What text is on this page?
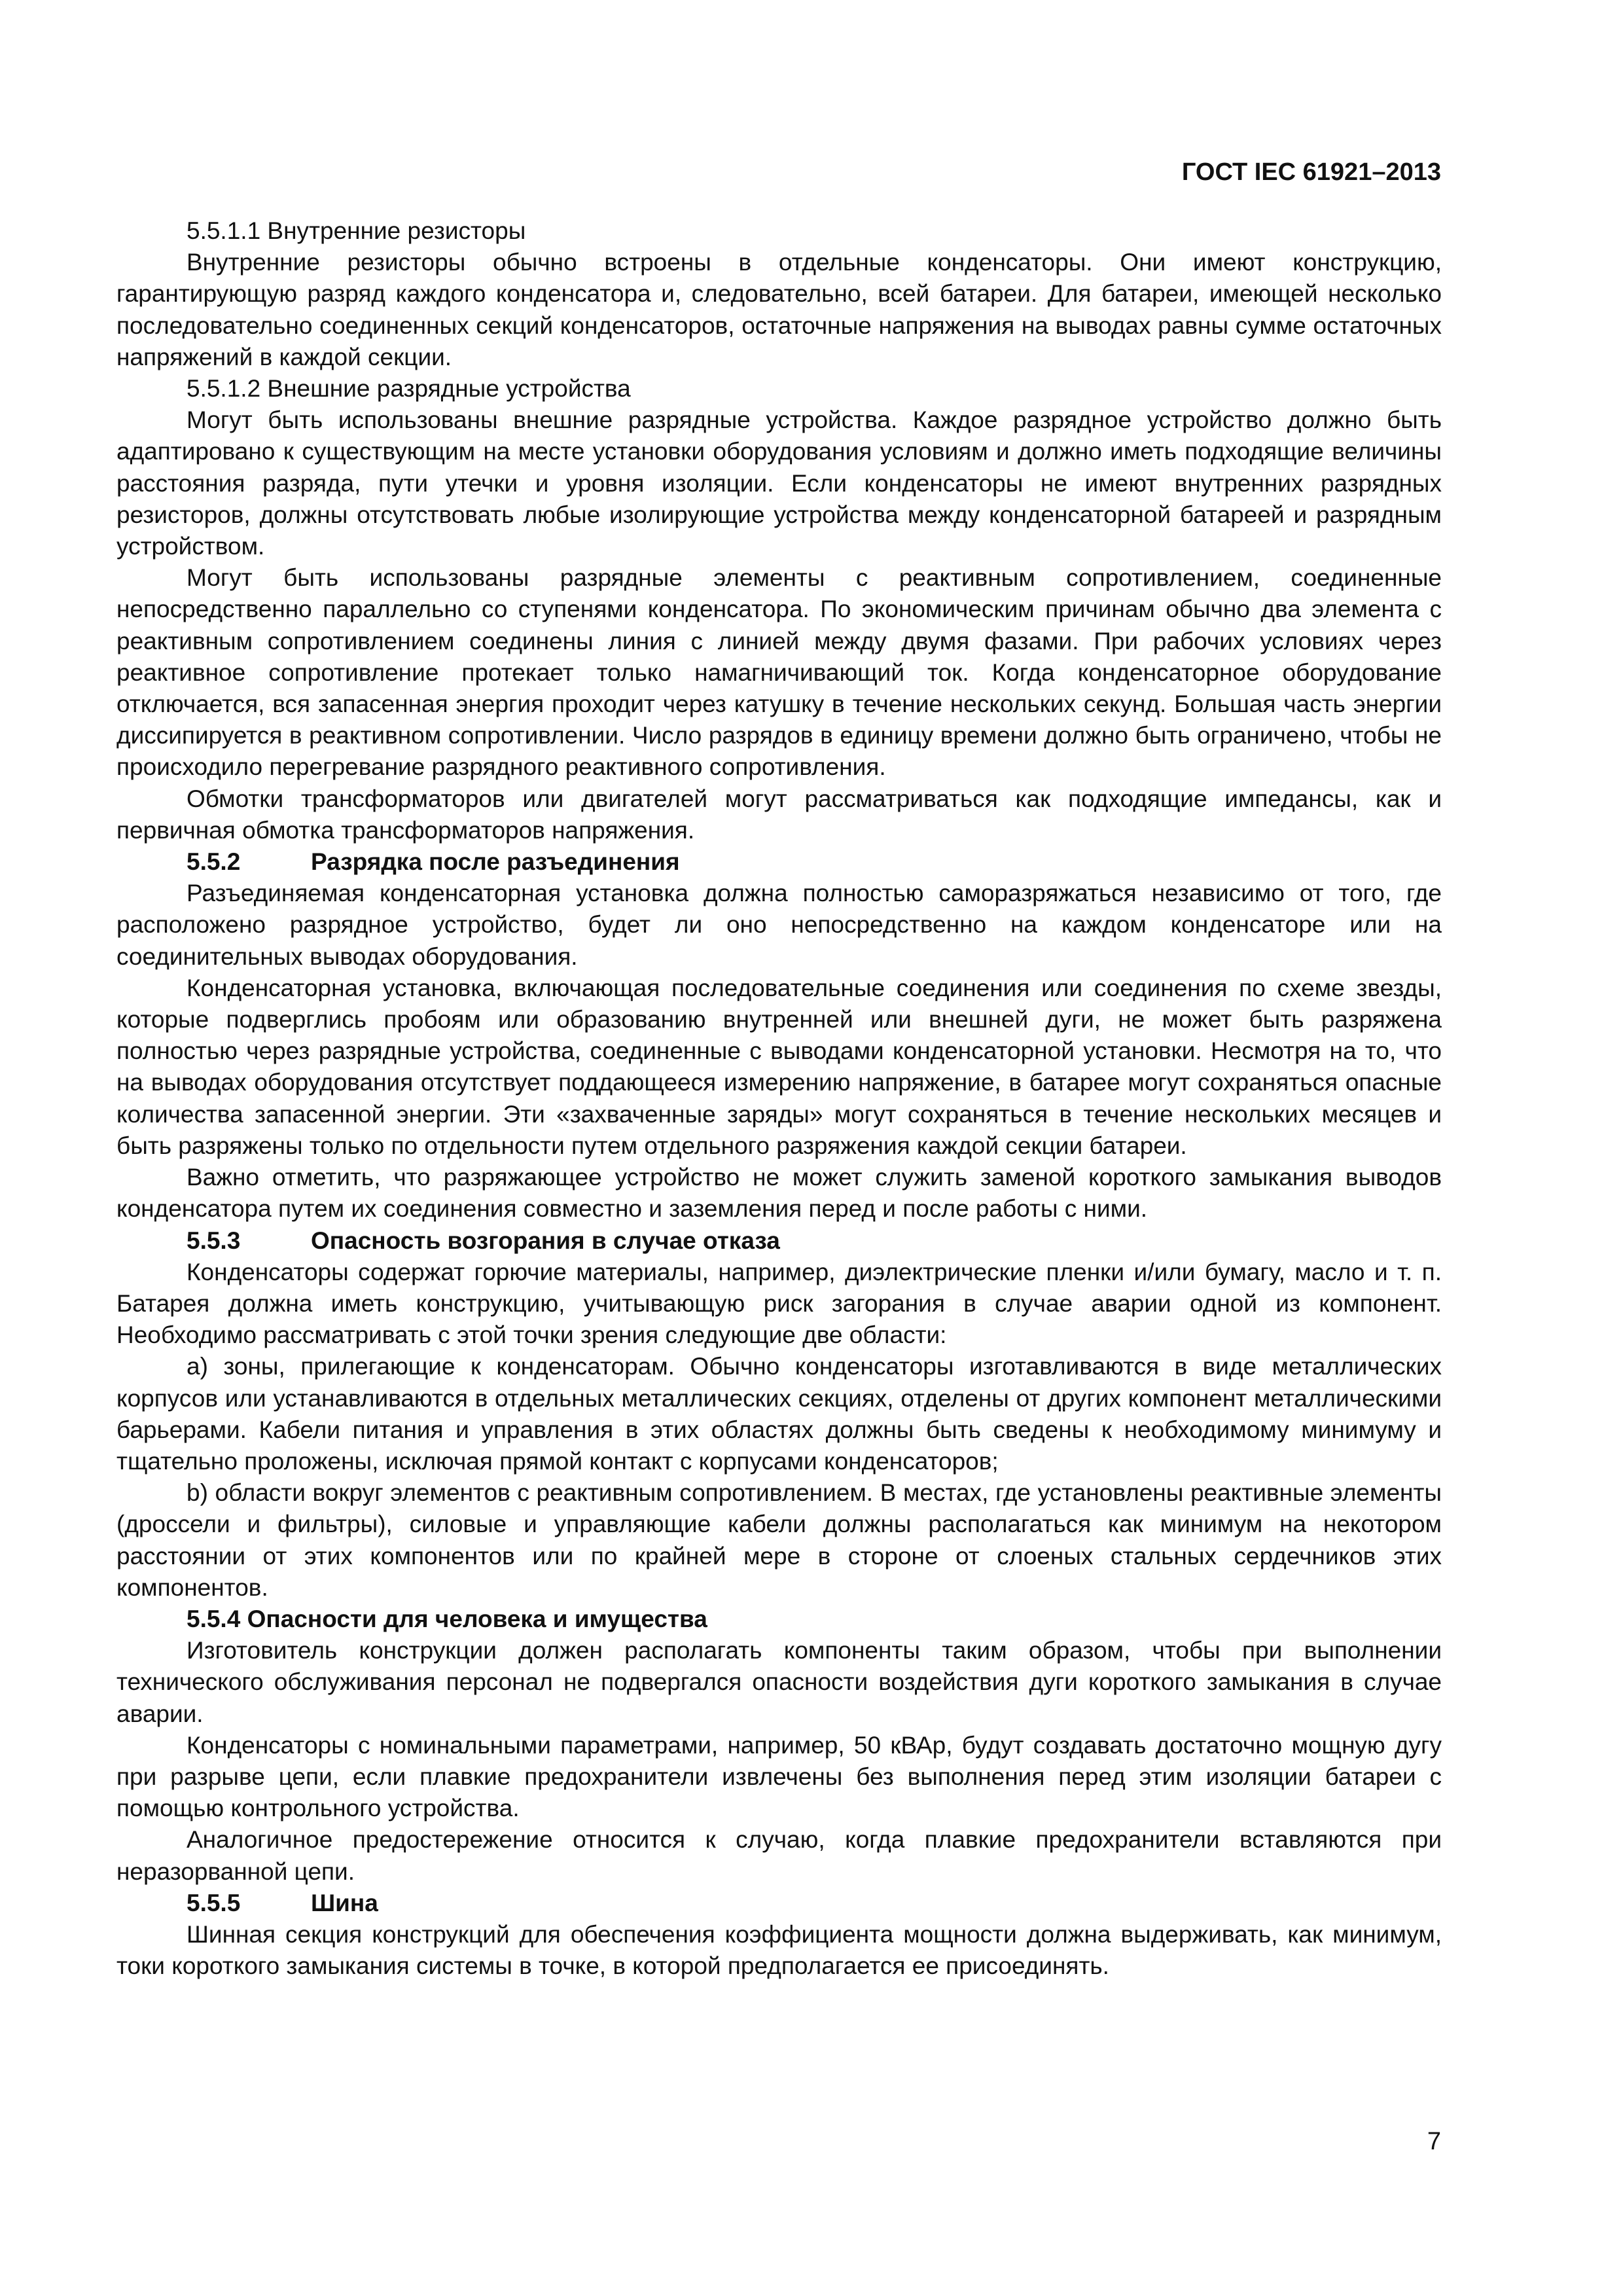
ГОСТ IEC 61921–2013
5.5.1.1 Внутренние резисторы
Внутренние резисторы обычно встроены в отдельные конденсаторы. Они имеют конструкцию, гарантирующую разряд каждого конденсатора и, следовательно, всей батареи. Для батареи, имеющей несколько последовательно соединенных секций конденсаторов, остаточные напряжения на выводах равны сумме остаточных напряжений в каждой секции.
5.5.1.2 Внешние разрядные устройства
Могут быть использованы внешние разрядные устройства. Каждое разрядное устройство должно быть адаптировано к существующим на месте установки оборудования условиям и должно иметь подходящие величины расстояния разряда, пути утечки и уровня изоляции. Если конденсаторы не имеют внутренних разрядных резисторов, должны отсутствовать любые изолирующие устройства между конденсаторной батареей и разрядным устройством.
Могут быть использованы разрядные элементы с реактивным сопротивлением, соединенные непосредственно параллельно со ступенями конденсатора. По экономическим причинам обычно два элемента с реактивным сопротивлением соединены линия с линией между двумя фазами. При рабочих условиях через реактивное сопротивление протекает только намагничивающий ток. Когда конденсаторное оборудование отключается, вся запасенная энергия проходит через катушку в течение нескольких секунд. Большая часть энергии диссипируется в реактивном сопротивлении. Число разрядов в единицу времени должно быть ограничено, чтобы не происходило перегревание разрядного реактивного сопротивления.
Обмотки трансформаторов или двигателей могут рассматриваться как подходящие импедансы, как и первичная обмотка трансформаторов напряжения.
5.5.2	Разрядка после разъединения
Разъединяемая конденсаторная установка должна полностью саморазряжаться независимо от того, где расположено разрядное устройство, будет ли оно непосредственно на каждом конденсаторе или на соединительных выводах оборудования.
Конденсаторная установка, включающая последовательные соединения или соединения по схеме звезды, которые подверглись пробоям или образованию внутренней или внешней дуги, не может быть разряжена полностью через разрядные устройства, соединенные с выводами конденсаторной установки. Несмотря на то, что на выводах оборудования отсутствует поддающееся измерению напряжение, в батарее могут сохраняться опасные количества запасенной энергии. Эти «захваченные заряды» могут сохраняться в течение нескольких месяцев и быть разряжены только по отдельности путем отдельного разряжения каждой секции батареи.
Важно отметить, что разряжающее устройство не может служить заменой короткого замыкания выводов конденсатора путем их соединения совместно и заземления перед и после работы с ними.
5.5.3	Опасность возгорания в случае отказа
Конденсаторы содержат горючие материалы, например, диэлектрические пленки и/или бумагу, масло и т. п. Батарея должна иметь конструкцию, учитывающую риск загорания в случае аварии одной из компонент. Необходимо рассматривать с этой точки зрения следующие две области:
a) зоны, прилегающие к конденсаторам. Обычно конденсаторы изготавливаются в виде металлических корпусов или устанавливаются в отдельных металлических секциях, отделены от других компонент металлическими барьерами. Кабели питания и управления в этих областях должны быть сведены к необходимому минимуму и тщательно проложены, исключая прямой контакт с корпусами конденсаторов;
b) области вокруг элементов с реактивным сопротивлением. В местах, где установлены реактивные элементы (дроссели и фильтры), силовые и управляющие кабели должны располагаться как минимум на некотором расстоянии от этих компонентов или по крайней мере в стороне от слоеных стальных сердечников этих компонентов.
5.5.4 Опасности для человека и имущества
Изготовитель конструкции должен располагать компоненты таким образом, чтобы при выполнении технического обслуживания персонал не подвергался опасности воздействия дуги короткого замыкания в случае аварии.
Конденсаторы с номинальными параметрами, например, 50 кВАр, будут создавать достаточно мощную дугу при разрыве цепи, если плавкие предохранители извлечены без выполнения перед этим изоляции батареи с помощью контрольного устройства.
Аналогичное предостережение относится к случаю, когда плавкие предохранители вставляются при неразорванной цепи.
5.5.5	Шина
Шинная секция конструкций для обеспечения коэффициента мощности должна выдерживать, как минимум, токи короткого замыкания системы в точке, в которой предполагается ее присоединять.
7
